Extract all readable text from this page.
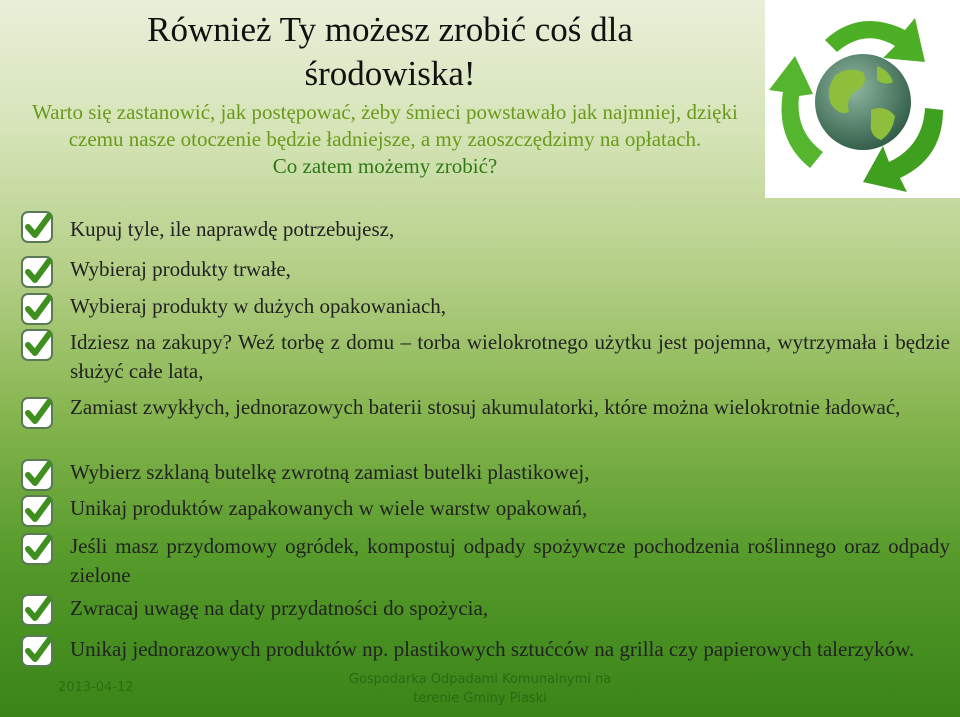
Również Ty możesz zrobić coś dla środowiska!
Warto się zastanowić, jak postępować, żeby śmieci powstawało jak najmniej, dzięki czemu nasze otoczenie będzie ładniejsze, a my zaoszczędzimy na opłatach.
Co zatem możemy zrobić?
Kupuj tyle, ile naprawdę potrzebujesz,
Wybieraj produkty trwałe,
Wybieraj produkty w dużych opakowaniach,
Idziesz na zakupy? Weź torbę z domu – torba wielokrotnego użytku jest pojemna, wytrzymała i będzie służyć całe lata,
Zamiast zwykłych, jednorazowych baterii stosuj akumulatorki, które można wielokrotnie ładować,
Wybierz szklaną butelkę zwrotną zamiast butelki plastikowej,
Unikaj produktów zapakowanych w wiele warstw opakowań,
Jeśli masz przydomowy ogródek, kompostuj odpady spożywcze pochodzenia roślinnego oraz odpady zielone
Zwracaj uwagę na daty przydatności do spożycia,
Unikaj jednorazowych produktów np. plastikowych sztućców na grilla czy papierowych talerzyków.
2013-04-12
Gospodarka Odpadami Komunalnymi na
terenie Gminy Piaski
